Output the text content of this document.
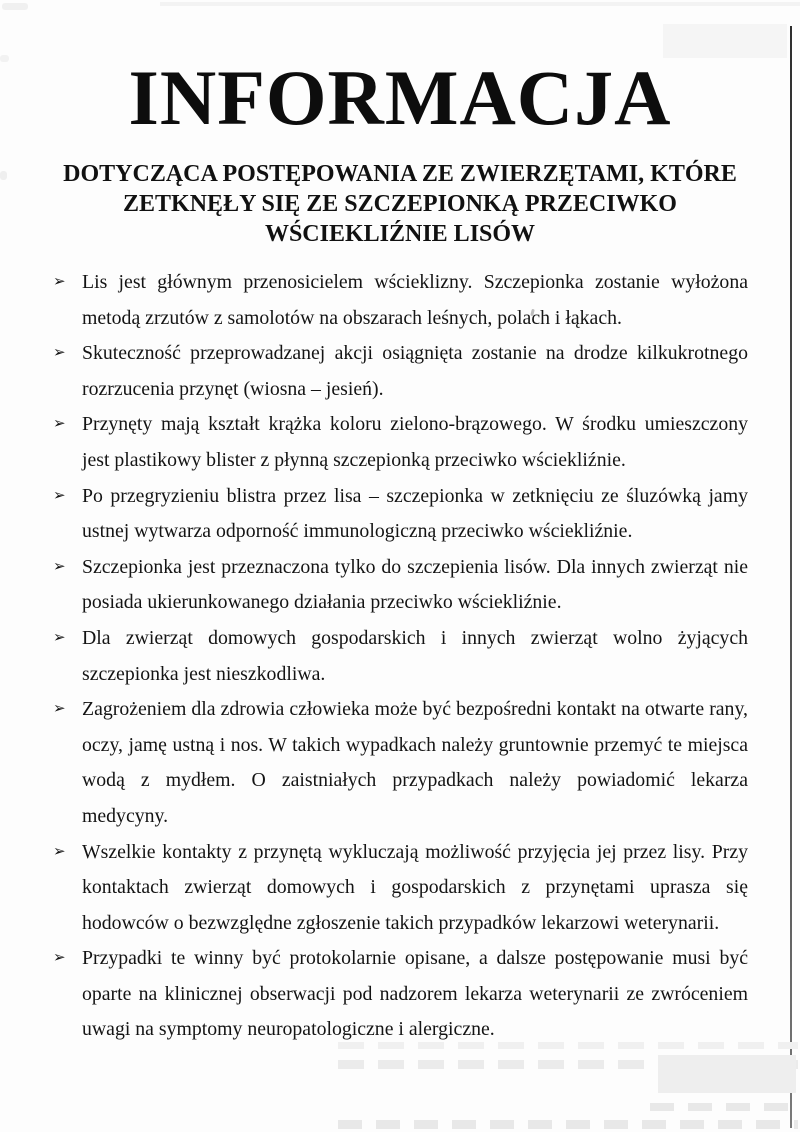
INFORMACJA
DOTYCZĄCA POSTĘPOWANIA ZE ZWIERZĘTAMI, KTÓRE
ZETKNĘŁY SIĘ ZE SZCZEPIONKĄ PRZECIWKO
WŚCIEKLIŹNIE LISÓW
➢ Lis jest głównym przenosicielem wścieklizny. Szczepionka zostanie wyłożona metodą zrzutów z samolotów na obszarach leśnych, polach i łąkach.
➢ Skuteczność przeprowadzanej akcji osiągnięta zostanie na drodze kilkukrotnego rozrzucenia przynęt (wiosna – jesień).
➢ Przynęty mają kształt krążka koloru zielono-brązowego. W środku umieszczony jest plastikowy blister z płynną szczepionką przeciwko wściekliźnie.
➢ Po przegryzieniu blistra przez lisa – szczepionka w zetknięciu ze śluzówką jamy ustnej wytwarza odporność immunologiczną przeciwko wściekliźnie.
➢ Szczepionka jest przeznaczona tylko do szczepienia lisów. Dla innych zwierząt nie posiada ukierunkowanego działania przeciwko wściekliźnie.
➢ Dla zwierząt domowych gospodarskich i innych zwierząt wolno żyjących szczepionka jest nieszkodliwa.
➢ Zagrożeniem dla zdrowia człowieka może być bezpośredni kontakt na otwarte rany, oczy, jamę ustną i nos. W takich wypadkach należy gruntownie przemyć te miejsca wodą z mydłem. O zaistniałych przypadkach należy powiadomić lekarza medycyny.
➢ Wszelkie kontakty z przynętą wykluczają możliwość przyjęcia jej przez lisy. Przy kontaktach zwierząt domowych i gospodarskich z przynętami uprasza się hodowców o bezwzględne zgłoszenie takich przypadków lekarzowi weterynarii.
➢ Przypadki te winny być protokolarnie opisane, a dalsze postępowanie musi być oparte na klinicznej obserwacji pod nadzorem lekarza weterynarii ze zwróceniem uwagi na symptomy neuropatologiczne i alergiczne.
